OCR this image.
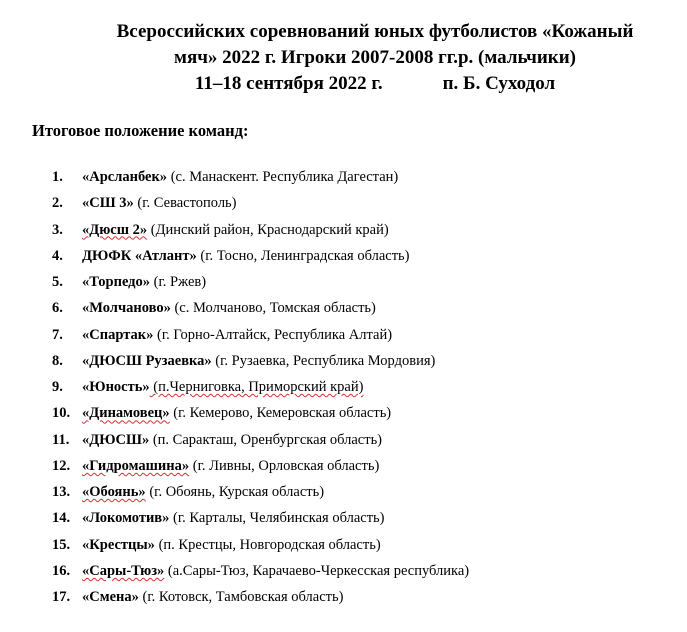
Всероссийских соревнований юных футболистов «Кожаный
мяч» 2022 г. Игроки 2007-2008 гг.р. (мальчики)
11–18 сентября 2022 г.	п. Б. Суходол
Итоговое положение команд:
1. «Арсланбек» (с. Манаскент. Республика Дагестан)
2. «СШ 3» (г. Севастополь)
3. «Дюсш 2» (Динский район, Краснодарский край)
4. ДЮФК «Атлант» (г. Тосно, Ленинградская область)
5. «Торпедо» (г. Ржев)
6. «Молчаново» (с. Молчаново, Томская область)
7. «Спартак» (г. Горно-Алтайск, Республика Алтай)
8. «ДЮСШ Рузаевка» (г. Рузаевка, Республика Мордовия)
9. «Юность» (п.Черниговка, Приморский край)
10. «Динамовец» (г. Кемерово, Кемеровская область)
11. «ДЮСШ» (п. Саракташ, Оренбургская область)
12. «Гидромашина» (г. Ливны, Орловская область)
13. «Обоянь» (г. Обоянь, Курская область)
14. «Локомотив» (г. Карталы, Челябинская область)
15. «Крестцы» (п. Крестцы, Новгородская область)
16. «Сары-Тюз» (а.Сары-Тюз, Карачаево-Черкесская республика)
17. «Смена» (г. Котовск, Тамбовская область)
